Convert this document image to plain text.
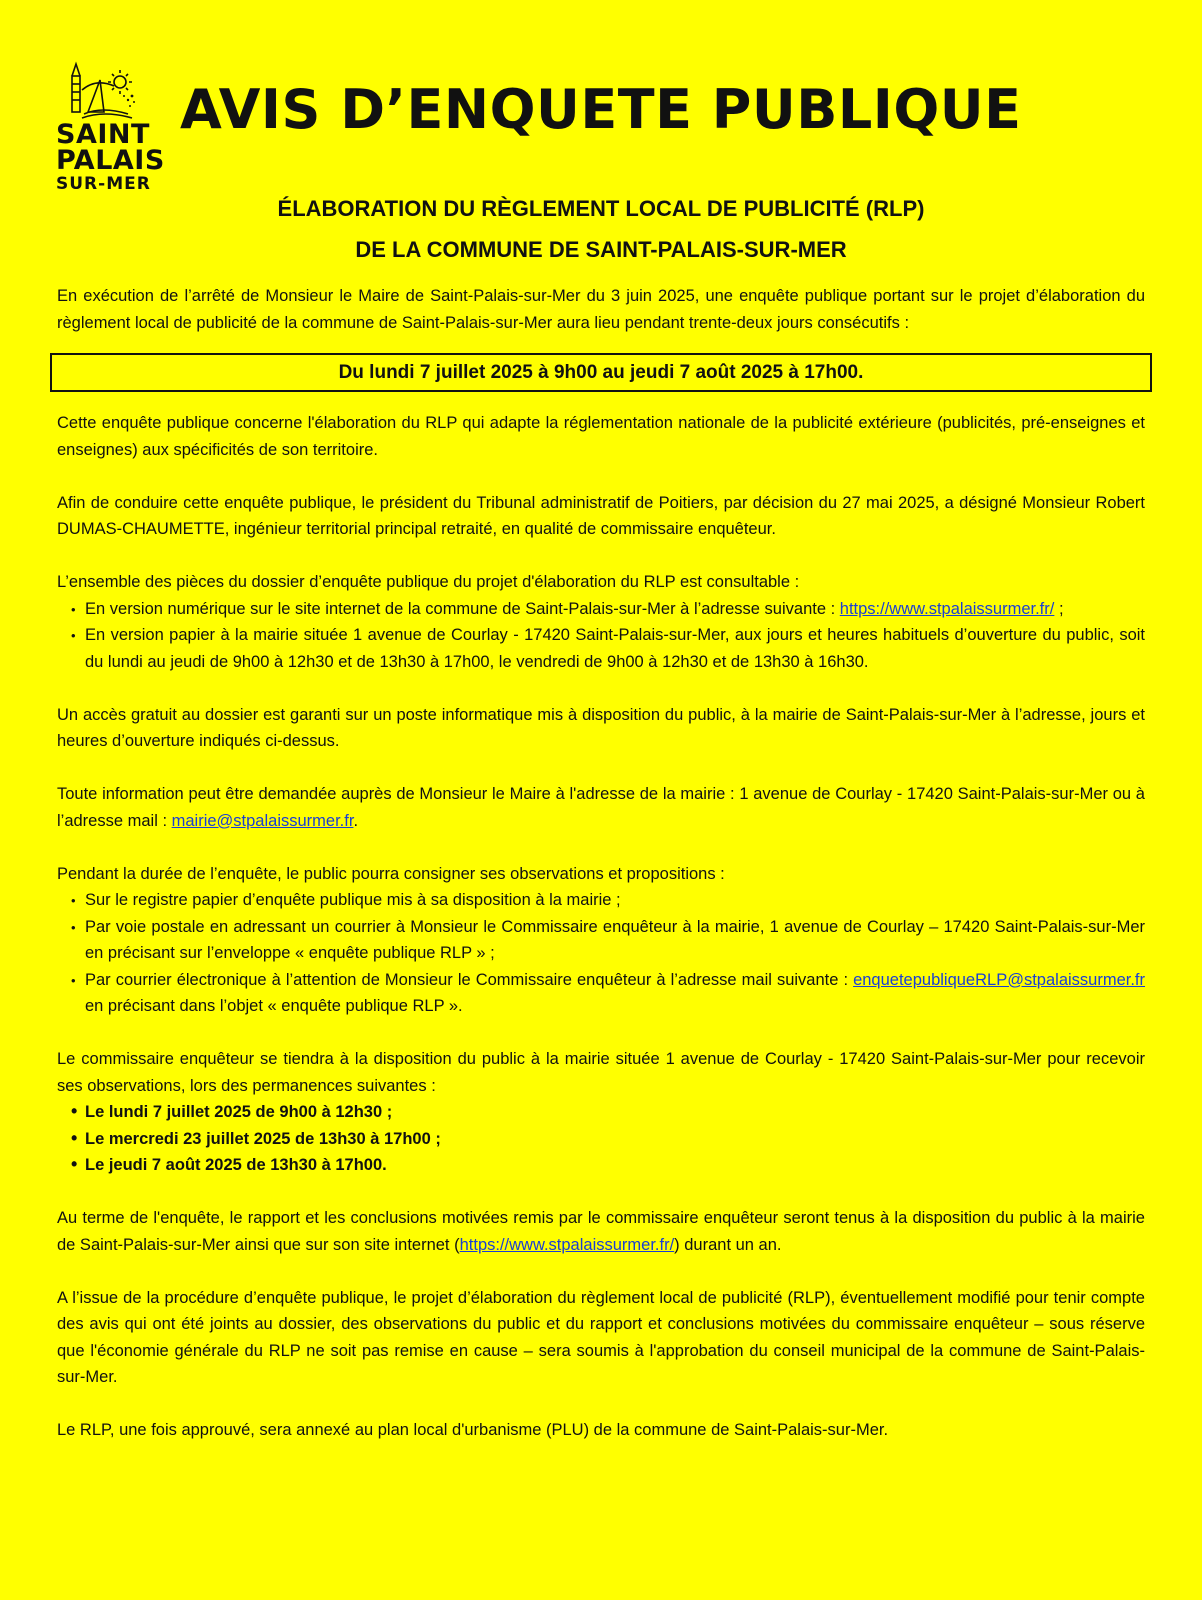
SAINT
PALAIS
SUR-MER
AVIS D’ENQUETE PUBLIQUE
ÉLABORATION DU RÈGLEMENT LOCAL DE PUBLICITÉ (RLP)
DE LA COMMUNE DE SAINT-PALAIS-SUR-MER

En exécution de l’arrêté de Monsieur le Maire de Saint-Palais-sur-Mer du 3 juin 2025, une enquête publique portant sur le projet d’élaboration du règlement local de publicité de la commune de Saint-Palais-sur-Mer aura lieu pendant trente-deux jours consécutifs :

Du lundi 7 juillet 2025 à 9h00 au jeudi 7 août 2025 à 17h00.

Cette enquête publique concerne l'élaboration du RLP qui adapte la réglementation nationale de la publicité extérieure (publicités, pré-enseignes et enseignes) aux spécificités de son territoire.

Afin de conduire cette enquête publique, le président du Tribunal administratif de Poitiers, par décision du 27 mai 2025, a désigné Monsieur Robert DUMAS-CHAUMETTE, ingénieur territorial principal retraité, en qualité de commissaire enquêteur.

L’ensemble des pièces du dossier d’enquête publique du projet d'élaboration du RLP est consultable :

• En version numérique sur le site internet de la commune de Saint-Palais-sur-Mer à l’adresse suivante : https://www.stpalaissurmer.fr/ ;
• En version papier à la mairie située 1 avenue de Courlay - 17420 Saint-Palais-sur-Mer, aux jours et heures habituels d’ouverture du public, soit du lundi au jeudi de 9h00 à 12h30 et de 13h30 à 17h00, le vendredi de 9h00 à 12h30 et de 13h30 à 16h30.

Un accès gratuit au dossier est garanti sur un poste informatique mis à disposition du public, à la mairie de Saint-Palais-sur-Mer à l’adresse, jours et heures d’ouverture indiqués ci-dessus.

Toute information peut être demandée auprès de Monsieur le Maire à l'adresse de la mairie : 1 avenue de Courlay - 17420 Saint-Palais-sur-Mer ou à l’adresse mail : mairie@stpalaissurmer.fr.

Pendant la durée de l’enquête, le public pourra consigner ses observations et propositions :

• Sur le registre papier d’enquête publique mis à sa disposition à la mairie ;
• Par voie postale en adressant un courrier à Monsieur le Commissaire enquêteur à la mairie, 1 avenue de Courlay – 17420 Saint-Palais-sur-Mer en précisant sur l’enveloppe « enquête publique RLP » ;
• Par courrier électronique à l’attention de Monsieur le Commissaire enquêteur à l’adresse mail suivante : enquetepubliqueRLP@stpalaissurmer.fr en précisant dans l’objet « enquête publique RLP ».

Le commissaire enquêteur se tiendra à la disposition du public à la mairie située 1 avenue de Courlay - 17420 Saint-Palais-sur-Mer pour recevoir ses observations, lors des permanences suivantes :

• Le lundi 7 juillet 2025 de 9h00 à 12h30 ;
• Le mercredi 23 juillet 2025 de 13h30 à 17h00 ;
• Le jeudi 7 août 2025 de 13h30 à 17h00.

Au terme de l'enquête, le rapport et les conclusions motivées remis par le commissaire enquêteur seront tenus à la disposition du public à la mairie de Saint-Palais-sur-Mer ainsi que sur son site internet (https://www.stpalaissurmer.fr/) durant un an.

A l’issue de la procédure d’enquête publique, le projet d’élaboration du règlement local de publicité (RLP), éventuellement modifié pour tenir compte des avis qui ont été joints au dossier, des observations du public et du rapport et conclusions motivées du commissaire enquêteur – sous réserve que l'économie générale du RLP ne soit pas remise en cause – sera soumis à l'approbation du conseil municipal de la commune de Saint-Palais-sur-Mer.

Le RLP, une fois approuvé, sera annexé au plan local d'urbanisme (PLU) de la commune de Saint-Palais-sur-Mer.
